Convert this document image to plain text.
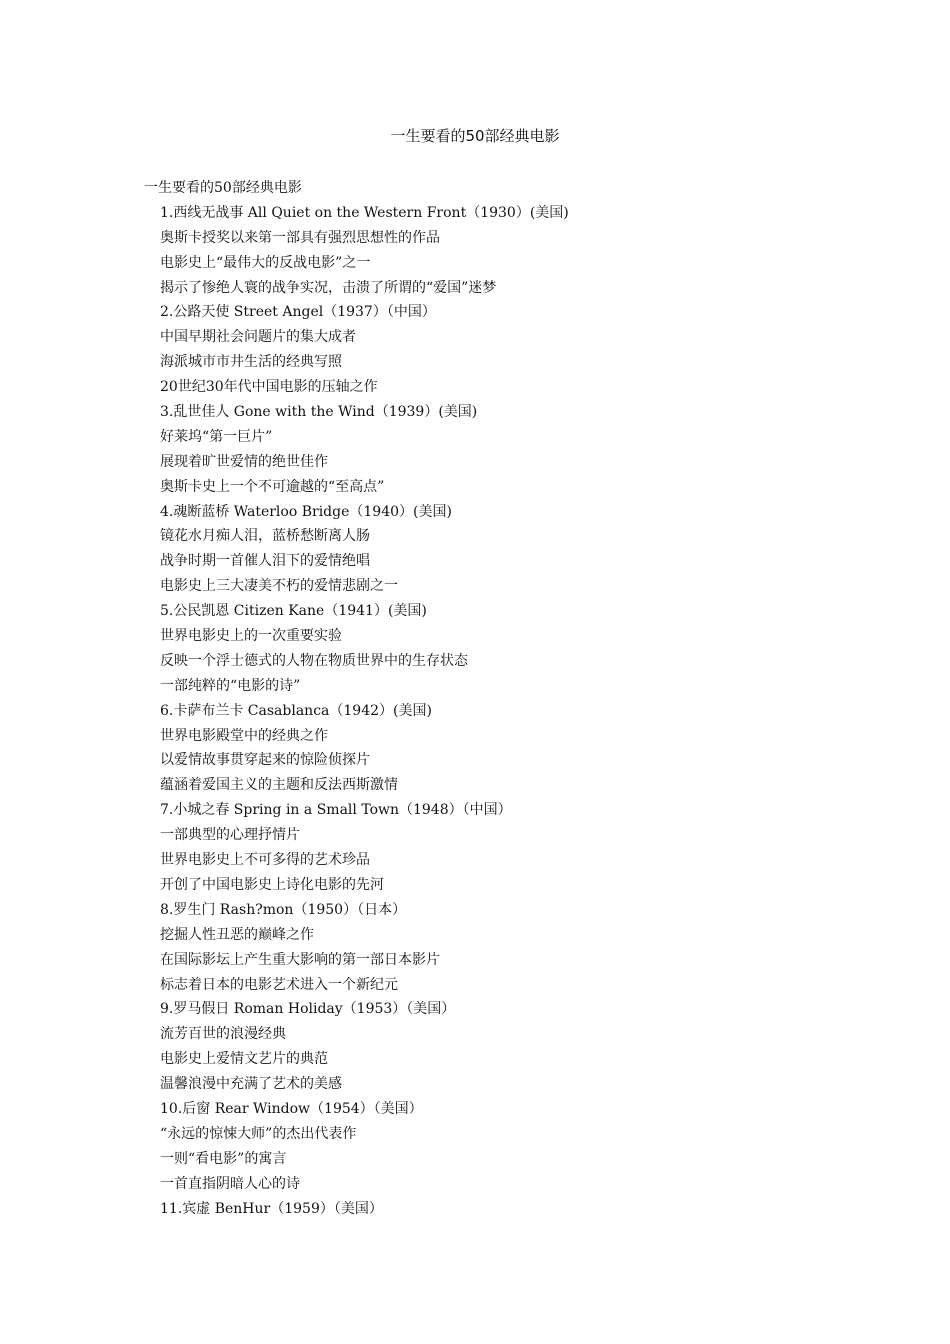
一生要看的50部经典电影
一生要看的50部经典电影
1.西线无战事 All Quiet on the Western Front（1930）(美国)
奥斯卡授奖以来第一部具有强烈思想性的作品
电影史上“最伟大的反战电影”之一
揭示了惨绝人寰的战争实况，击溃了所谓的“爱国”迷梦
2.公路天使 Street Angel（1937）（中国）
中国早期社会问题片的集大成者
海派城市市井生活的经典写照
20世纪30年代中国电影的压轴之作
3.乱世佳人 Gone with the Wind（1939）(美国)
好莱坞“第一巨片”
展现着旷世爱情的绝世佳作
奥斯卡史上一个不可逾越的“至高点”
4.魂断蓝桥 Waterloo Bridge（1940）(美国)
镜花水月痴人泪，蓝桥愁断离人肠
战争时期一首催人泪下的爱情绝唱
电影史上三大凄美不朽的爱情悲剧之一
5.公民凯恩 Citizen Kane（1941）(美国)
世界电影史上的一次重要实验
反映一个浮士德式的人物在物质世界中的生存状态
一部纯粹的“电影的诗”
6.卡萨布兰卡 Casablanca（1942）(美国)
世界电影殿堂中的经典之作
以爱情故事贯穿起来的惊险侦探片
蕴涵着爱国主义的主题和反法西斯激情
7.小城之春 Spring in a Small Town（1948）（中国）
一部典型的心理抒情片
世界电影史上不可多得的艺术珍品
开创了中国电影史上诗化电影的先河
8.罗生门 Rash?mon（1950）（日本）
挖掘人性丑恶的巅峰之作
在国际影坛上产生重大影响的第一部日本影片
标志着日本的电影艺术进入一个新纪元
9.罗马假日 Roman Holiday（1953）（美国）
流芳百世的浪漫经典
电影史上爱情文艺片的典范
温馨浪漫中充满了艺术的美感
10.后窗 Rear Window（1954）（美国）
“永远的惊悚大师”的杰出代表作
一则“看电影”的寓言
一首直指阴暗人心的诗
11.宾虚 BenHur（1959）（美国）
